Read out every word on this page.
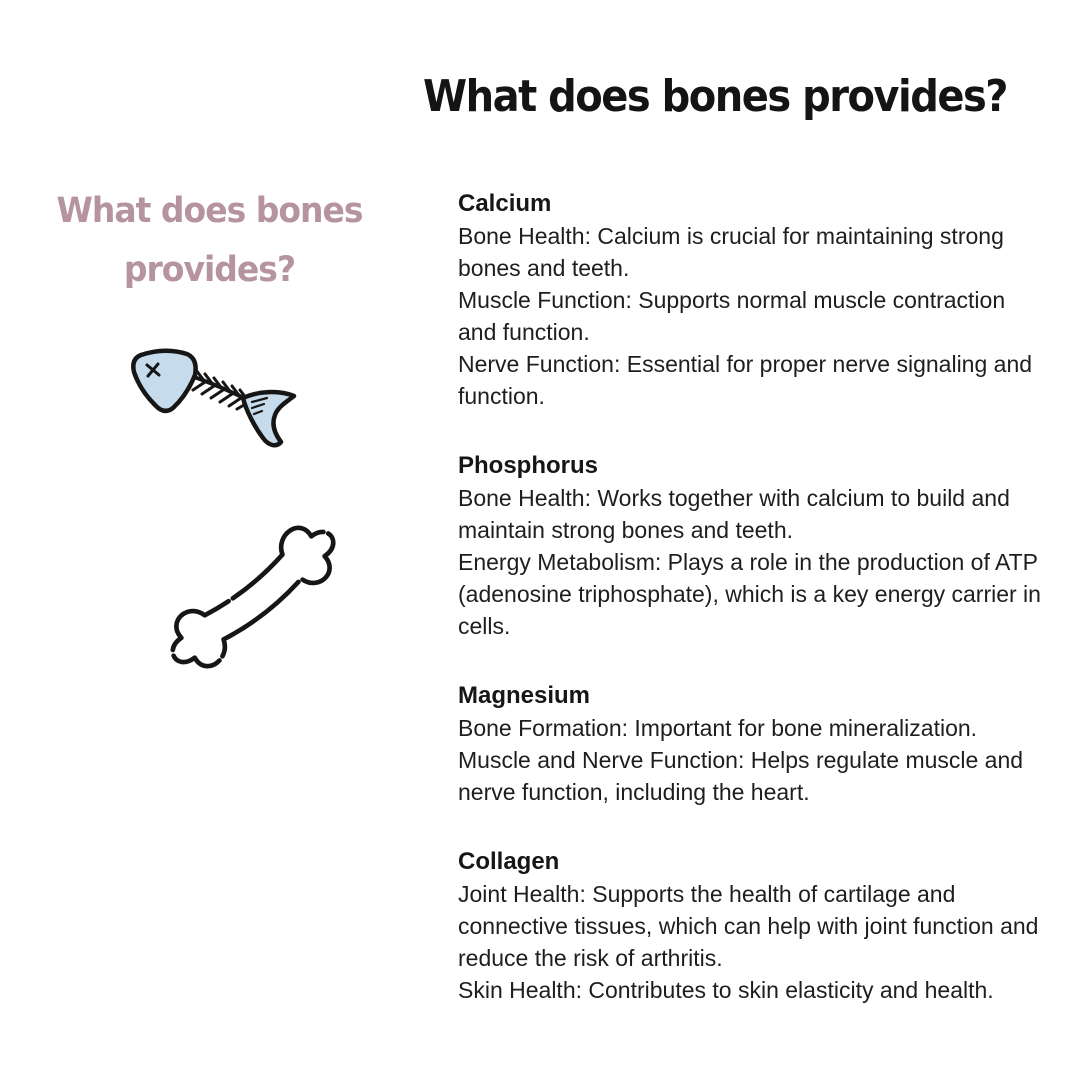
What does bones provides?
What does bones
provides?
Calcium

Bone Health: Calcium is crucial for maintaining strong bones and teeth.

Muscle Function: Supports normal muscle contraction and function.

Nerve Function: Essential for proper nerve signaling and function.

Phosphorus

Bone Health: Works together with calcium to build and maintain strong bones and teeth.

Energy Metabolism: Plays a role in the production of ATP (adenosine triphosphate), which is a key energy carrier in cells.

Magnesium

Bone Formation: Important for bone mineralization.

Muscle and Nerve Function: Helps regulate muscle and nerve function, including the heart.

Collagen

Joint Health: Supports the health of cartilage and connective tissues, which can help with joint function and reduce the risk of arthritis.

Skin Health: Contributes to skin elasticity and health.
